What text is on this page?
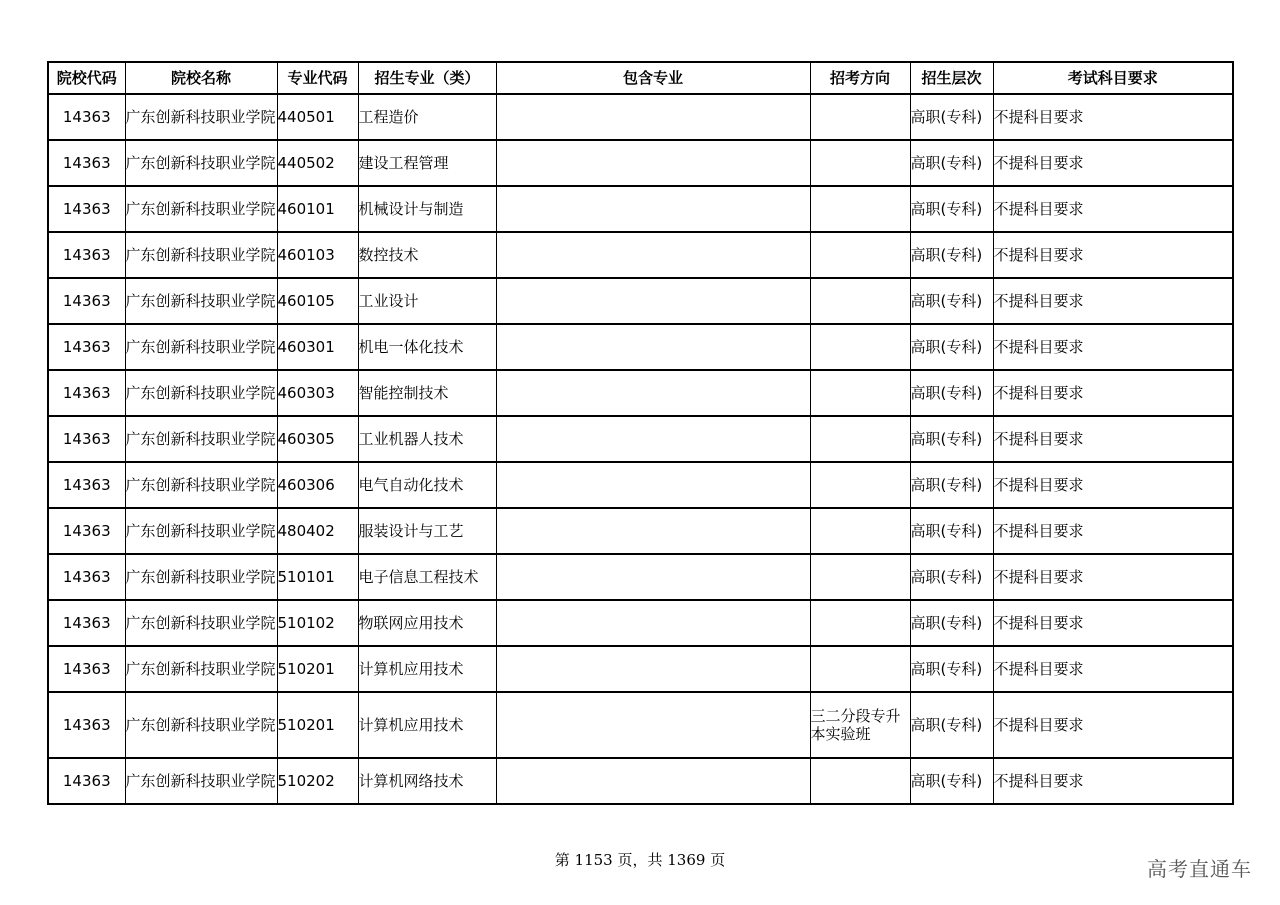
院校代码	院校名称	专业代码	招生专业（类）	包含专业	招考方向	招生层次	考试科目要求
14363	广东创新科技职业学院	440501	工程造价			高职(专科)	不提科目要求
14363	广东创新科技职业学院	440502	建设工程管理			高职(专科)	不提科目要求
14363	广东创新科技职业学院	460101	机械设计与制造			高职(专科)	不提科目要求
14363	广东创新科技职业学院	460103	数控技术			高职(专科)	不提科目要求
14363	广东创新科技职业学院	460105	工业设计			高职(专科)	不提科目要求
14363	广东创新科技职业学院	460301	机电一体化技术			高职(专科)	不提科目要求
14363	广东创新科技职业学院	460303	智能控制技术			高职(专科)	不提科目要求
14363	广东创新科技职业学院	460305	工业机器人技术			高职(专科)	不提科目要求
14363	广东创新科技职业学院	460306	电气自动化技术			高职(专科)	不提科目要求
14363	广东创新科技职业学院	480402	服装设计与工艺			高职(专科)	不提科目要求
14363	广东创新科技职业学院	510101	电子信息工程技术			高职(专科)	不提科目要求
14363	广东创新科技职业学院	510102	物联网应用技术			高职(专科)	不提科目要求
14363	广东创新科技职业学院	510201	计算机应用技术			高职(专科)	不提科目要求
14363	广东创新科技职业学院	510201	计算机应用技术		三二分段专升本实验班	高职(专科)	不提科目要求
14363	广东创新科技职业学院	510202	计算机网络技术			高职(专科)	不提科目要求
第 1153 页，共 1369 页	高考直通车
